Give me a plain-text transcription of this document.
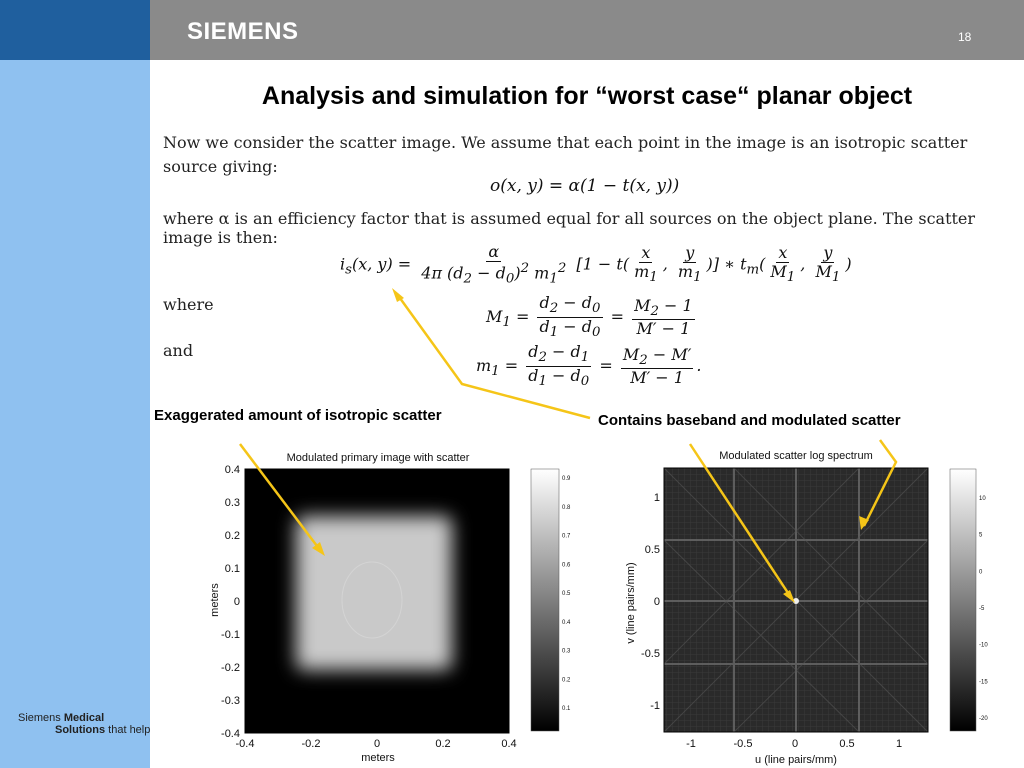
SIEMENS	18
Analysis and simulation for “worst case“ planar object
Now we consider the scatter image. We assume that each point in the image is an isotropic scatter source giving:
o(x, y) = α(1 − t(x, y))
where α is an efficiency factor that is assumed equal for all sources on the object plane. The scatter image is then:
$i_s(x$, $y) = \frac{\alpha}{4\pi (d_2 - d_0)^2 m_1^2} [1 - t( \frac{x}{m_1}$ , $\frac{y}{m_1}$ )] ∗ $t_m( \frac{x}{M_1}$ , $\frac{y}{M_1}$ )
where
$M_1 = \frac{d_2 - d_0}{d_1 - d_0} = \frac{M_2 - 1}{M' - 1}$
and
$m_1 = \frac{d_2 - d_1}{d_1 - d_0} = \frac{M_2 - M'}{M' - 1}$ .
Exaggerated amount of isotropic scatter	Contains baseband and modulated scatter
Siemens Medical
Solutions that help
Modulated primary image with scatter
0.4
0.3
0.2
0.1
0
-0.1
-0.2
-0.3
-0.4
-0.4	-0.2	0	0.2	0.4
meters
meters
0.9
0.8
0.7
0.6
0.5
0.4
0.3
0.2
0.1
Modulated scatter log spectrum
1
0.5
0
-0.5
-1
-1	-0.5	0	0.5	1
u (line pairs/mm)
v (line pairs/mm)
10
5
0
-5
-10
-15
-20
